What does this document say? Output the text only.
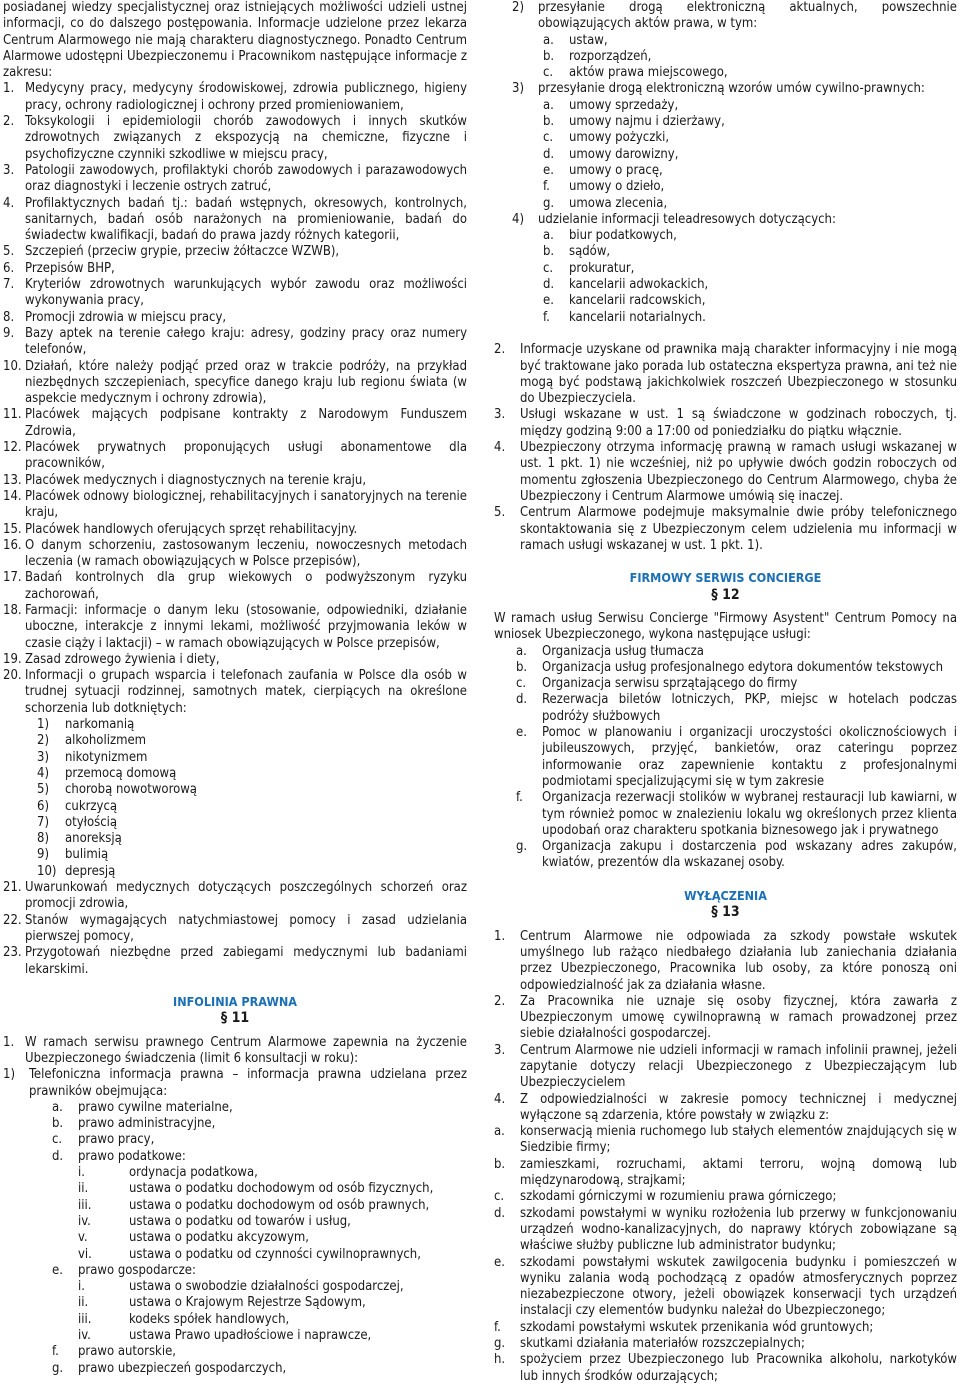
posiadanej wiedzy specjalistycznej oraz istniejących możliwości udzieli ustnej informacji, co do dalszego postępowania. Informacje udzielone przez lekarza Centrum Alarmowego nie mają charakteru diagnostycznego. Ponadto Centrum Alarmowe udostępni Ubezpieczonemu i Pracownikom następujące informacje z zakresu:

1. Medycyny pracy, medycyny środowiskowej, zdrowia publicznego, higieny pracy, ochrony radiologicznej i ochrony przed promieniowaniem,
2. Toksykologii i epidemiologii chorób zawodowych i innych skutków zdrowotnych związanych z ekspozycją na chemiczne, fizyczne i psychofizyczne czynniki szkodliwe w miejscu pracy,
3. Patologii zawodowych, profilaktyki chorób zawodowych i parazawodowych oraz diagnostyki i leczenie ostrych zatruć,
4. Profilaktycznych badań tj.: badań wstępnych, okresowych, kontrolnych, sanitarnych, badań osób narażonych na promieniowanie, badań do świadectw kwalifikacji, badań do prawa jazdy różnych kategorii,
5. Szczepień (przeciw grypie, przeciw żółtaczce WZWB),
6. Przepisów BHP,
7. Kryteriów zdrowotnych warunkujących wybór zawodu oraz możliwości wykonywania pracy,
8. Promocji zdrowia w miejscu pracy,
9. Bazy aptek na terenie całego kraju: adresy, godziny pracy oraz numery telefonów,
10. Działań, które należy podjąć przed oraz w trakcie podróży, na przykład niezbędnych szczepieniach, specyfice danego kraju lub regionu świata (w aspekcie medycznym i ochrony zdrowia),
11. Placówek mających podpisane kontrakty z Narodowym Funduszem Zdrowia,
12. Placówek prywatnych proponujących usługi abonamentowe dla pracowników,
13. Placówek medycznych i diagnostycznych na terenie kraju,
14. Placówek odnowy biologicznej, rehabilitacyjnych i sanatoryjnych na terenie kraju,
15. Placówek handlowych oferujących sprzęt rehabilitacyjny.
16. O danym schorzeniu, zastosowanym leczeniu, nowoczesnych metodach leczenia (w ramach obowiązujących w Polsce przepisów),
17. Badań kontrolnych dla grup wiekowych o podwyższonym ryzyku zachorowań,
18. Farmacji: informacje o danym leku (stosowanie, odpowiedniki, działanie uboczne, interakcje z innymi lekami, możliwość przyjmowania leków w czasie ciąży i laktacji) – w ramach obowiązujących w Polsce przepisów,
19. Zasad zdrowego żywienia i diety,
20. Informacji o grupach wsparcia i telefonach zaufania w Polsce dla osób w trudnej sytuacji rodzinnej, samotnych matek, cierpiących na określone schorzenia lub dotkniętych:
1)	narkomanią
2)	alkoholizmem
3)	nikotynizmem
4)	przemocą domową
5)	chorobą nowotworową
6)	cukrzycą
7)	otyłością
8)	anoreksją
9)	bulimią
10) depresją
21. Uwarunkowań medycznych dotyczących poszczególnych schorzeń oraz promocji zdrowia,
22. Stanów wymagających natychmiastowej pomocy i zasad udzielania pierwszej pomocy,
23. Przygotowań niezbędne przed zabiegami medycznymi lub badaniami lekarskimi.
INFOLINIA PRAWNA
§ 11
1. W ramach serwisu prawnego Centrum Alarmowe zapewnia na życzenie Ubezpieczonego świadczenia (limit 6 konsultacji w roku):
1)	Telefoniczna informacja prawna – informacja prawna udzielana przez prawników obejmująca:
a.	prawo cywilne materialne,
b.	prawo administracyjne,
c.	prawo pracy,
d.	prawo podatkowe:
i.	ordynacja podatkowa,
ii.	ustawa o podatku dochodowym od osób fizycznych,
iii.	ustawa o podatku dochodowym od osób prawnych,
iv.	ustawa o podatku od towarów i usług,
v.	ustawa o podatku akcyzowym,
vi.	ustawa o podatku od czynności cywilnoprawnych,
e.	prawo gospodarcze:
i.	ustawa o swobodzie działalności gospodarczej,
ii.	ustawa o Krajowym Rejestrze Sądowym,
iii.	kodeks spółek handlowych,
iv.	ustawa Prawo upadłościowe i naprawcze,
f.	prawo autorskie,
g.	prawo ubezpieczeń gospodarczych,
2)	przesyłanie drogą elektroniczną aktualnych, powszechnie obowiązujących aktów prawa, w tym:
a.	ustaw,
b.	rozporządzeń,
c.	aktów prawa miejscowego,
3)	przesyłanie drogą elektroniczną wzorów umów cywilno-prawnych:
a.	umowy sprzedaży,
b.	umowy najmu i dzierżawy,
c.	umowy pożyczki,
d.	umowy darowizny,
e.	umowy o pracę,
f.	umowy o dzieło,
g.	umowa zlecenia,
4)	udzielanie informacji teleadresowych dotyczących:
a.	biur podatkowych,
b.	sądów,
c.	prokuratur,
d.	kancelarii adwokackich,
e.	kancelarii radcowskich,
f.	kancelarii notarialnych.
2.	Informacje uzyskane od prawnika mają charakter informacyjny i nie mogą być traktowane jako porada lub ostateczna ekspertyza prawna, ani też nie mogą być podstawą jakichkolwiek roszczeń Ubezpieczonego w stosunku do Ubezpieczyciela.
3.	Usługi wskazane w ust. 1 są świadczone w godzinach roboczych, tj. między godziną 9:00 a 17:00 od poniedziałku do piątku włącznie.
4.	Ubezpieczony otrzyma informację prawną w ramach usługi wskazanej w ust. 1 pkt. 1) nie wcześniej, niż po upływie dwóch godzin roboczych od momentu zgłoszenia Ubezpieczonego do Centrum Alarmowego, chyba że Ubezpieczony i Centrum Alarmowe umówią się inaczej.
5.	Centrum Alarmowe podejmuje maksymalnie dwie próby telefonicznego skontaktowania się z Ubezpieczonym celem udzielenia mu informacji w ramach usługi wskazanej w ust. 1 pkt. 1).
FIRMOWY SERWIS CONCIERGE
§ 12

W ramach usług Serwisu Concierge "Firmowy Asystent" Centrum Pomocy na wniosek Ubezpieczonego, wykona następujące usługi:

a.	Organizacja usług tłumacza
b.	Organizacja usług profesjonalnego edytora dokumentów tekstowych
c.	Organizacja serwisu sprzątającego do firmy
d.	Rezerwacja biletów lotniczych, PKP, miejsc w hotelach podczas podróży służbowych
e.	Pomoc w planowaniu i organizacji uroczystości okolicznościowych i jubileuszowych, przyjęć, bankietów, oraz cateringu poprzez informowanie oraz zapewnienie kontaktu z profesjonalnymi podmiotami specjalizującymi się w tym zakresie
f.	Organizacja rezerwacji stolików w wybranej restauracji lub kawiarni, w tym również pomoc w znalezieniu lokalu wg określonych przez klienta upodobań oraz charakteru spotkania biznesowego jak i prywatnego
g.	Organizacja zakupu i dostarczenia pod wskazany adres zakupów, kwiatów, prezentów dla wskazanej osoby.
WYŁĄCZENIA
§ 13
1.	Centrum Alarmowe nie odpowiada za szkody powstałe wskutek umyślnego lub rażąco niedbałego działania lub zaniechania działania przez Ubezpieczonego, Pracownika lub osoby, za które ponoszą oni odpowiedzialność jak za działania własne.
2.	Za Pracownika nie uznaje się osoby fizycznej, która zawarła z Ubezpieczonym umowę cywilnoprawną w ramach prowadzonej przez siebie działalności gospodarczej.
3.	Centrum Alarmowe nie udzieli informacji w ramach infolinii prawnej, jeżeli zapytanie dotyczy relacji Ubezpieczonego z Ubezpieczającym lub Ubezpieczycielem
4.	Z odpowiedzialności w zakresie pomocy technicznej i medycznej wyłączone są zdarzenia, które powstały w związku z:
a.	konserwacją mienia ruchomego lub stałych elementów znajdujących się w Siedzibie firmy;
b.	zamieszkami, rozruchami, aktami terroru, wojną domową lub międzynarodową, strajkami;
c.	szkodami górniczymi w rozumieniu prawa górniczego;
d.	szkodami powstałymi w wyniku rozłożenia lub przerwy w funkcjonowaniu urządzeń wodno-kanalizacyjnych, do naprawy których zobowiązane są właściwe służby publiczne lub administrator budynku;
e.	szkodami powstałymi wskutek zawilgocenia budynku i pomieszczeń w wyniku zalania wodą pochodzącą z opadów atmosferycznych poprzez niezabezpieczone otwory, jeżeli obowiązek konserwacji tych urządzeń instalacji czy elementów budynku należał do Ubezpieczonego;
f.	szkodami powstałymi wskutek przenikania wód gruntowych;
g.	skutkami działania materiałów rozszczepialnych;
h.	spożyciem przez Ubezpieczonego lub Pracownika alkoholu, narkotyków lub innych środków odurzających;
